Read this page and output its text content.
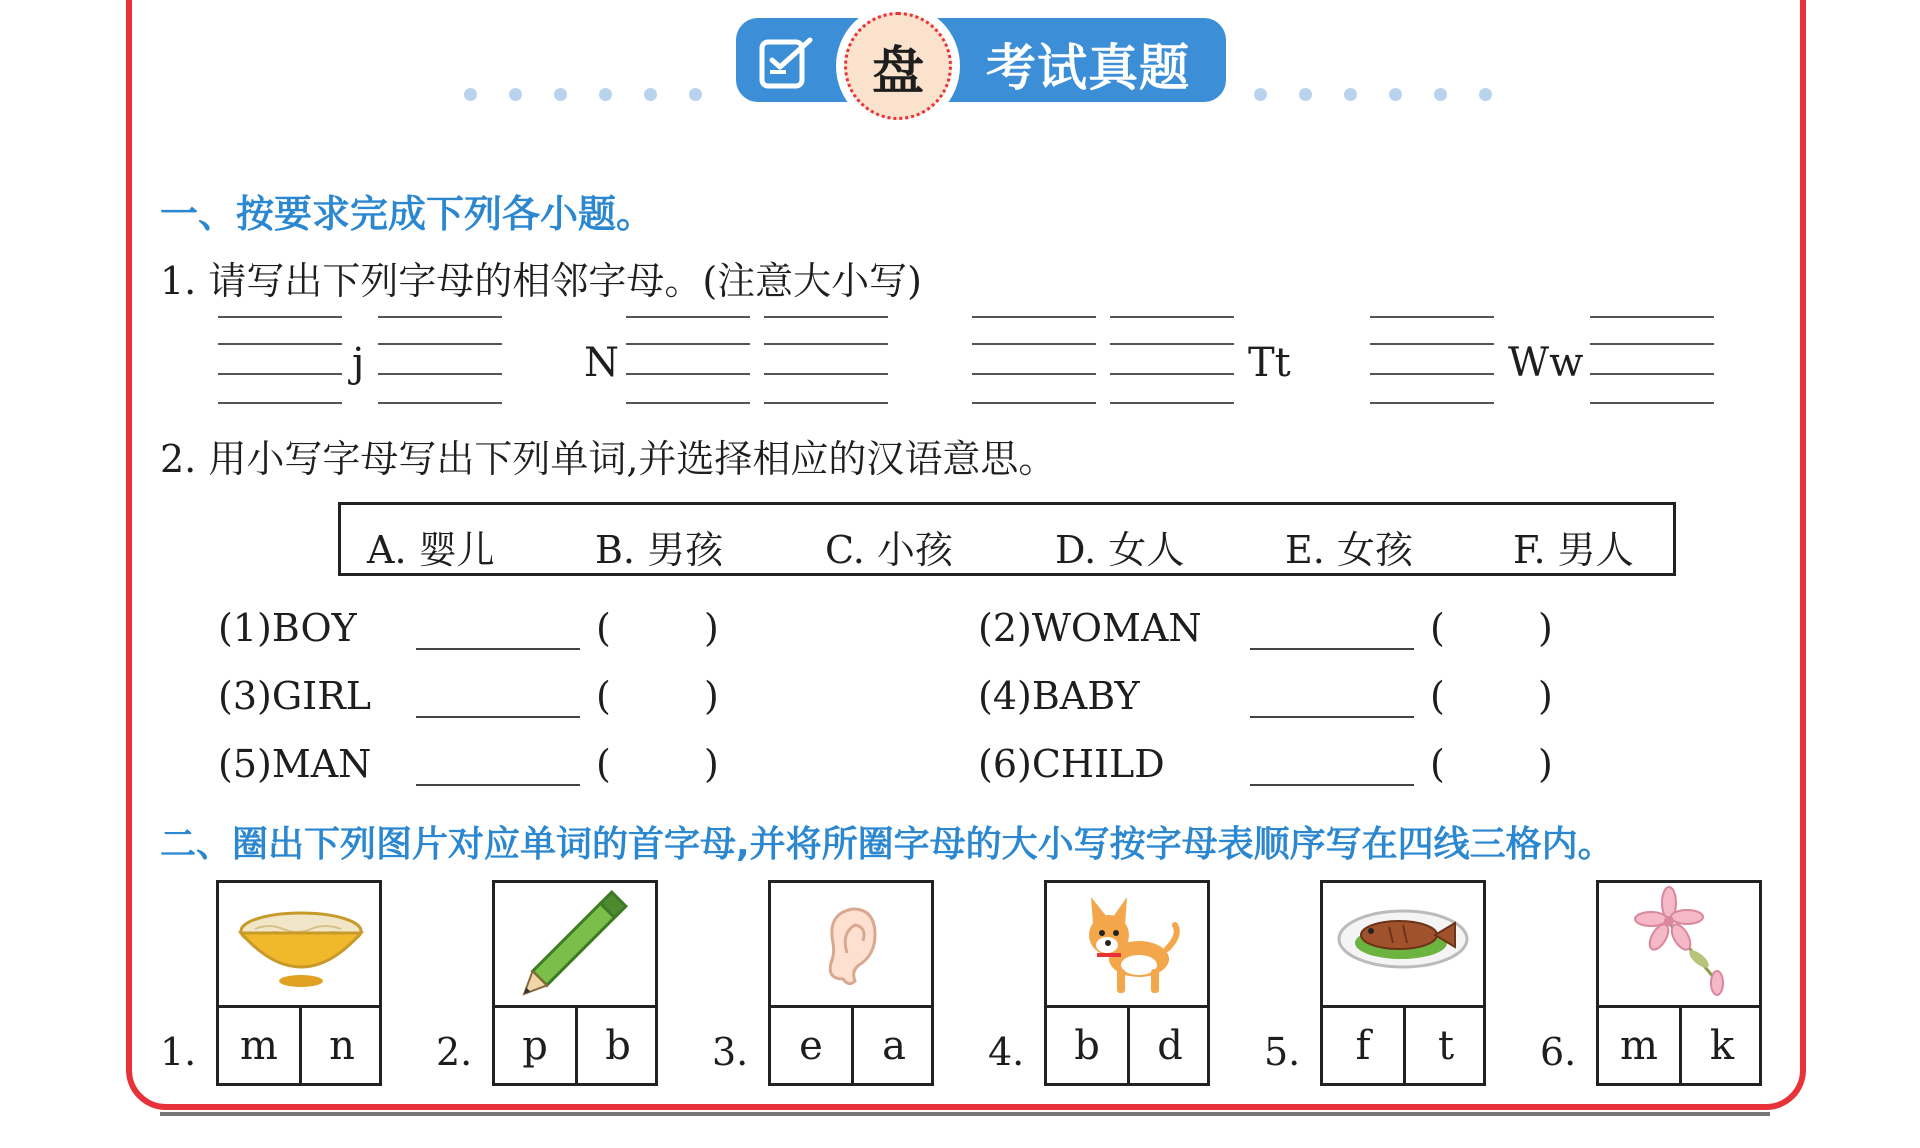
盘	考试真题
一、按要求完成下列各小题。
1. 请写出下列字母的相邻字母。(注意大小写)
j	N	Tt	Ww
2. 用小写字母写出下列单词,并选择相应的汉语意思。
A. 婴儿	B. 男孩	C. 小孩	D. 女人	E. 女孩	F. 男人
(1)BOY	( )
(3)GIRL	( )
(5)MAN	( )
(2)WOMAN	( )
(4)BABY	( )
(6)CHILD	( )
二、圈出下列图片对应单词的首字母,并将所圈字母的大小写按字母表顺序写在四线三格内。
1.	m	n	2.	p	b	3.	e	a	4.	b	d	5.	f	t	6.	m	k
